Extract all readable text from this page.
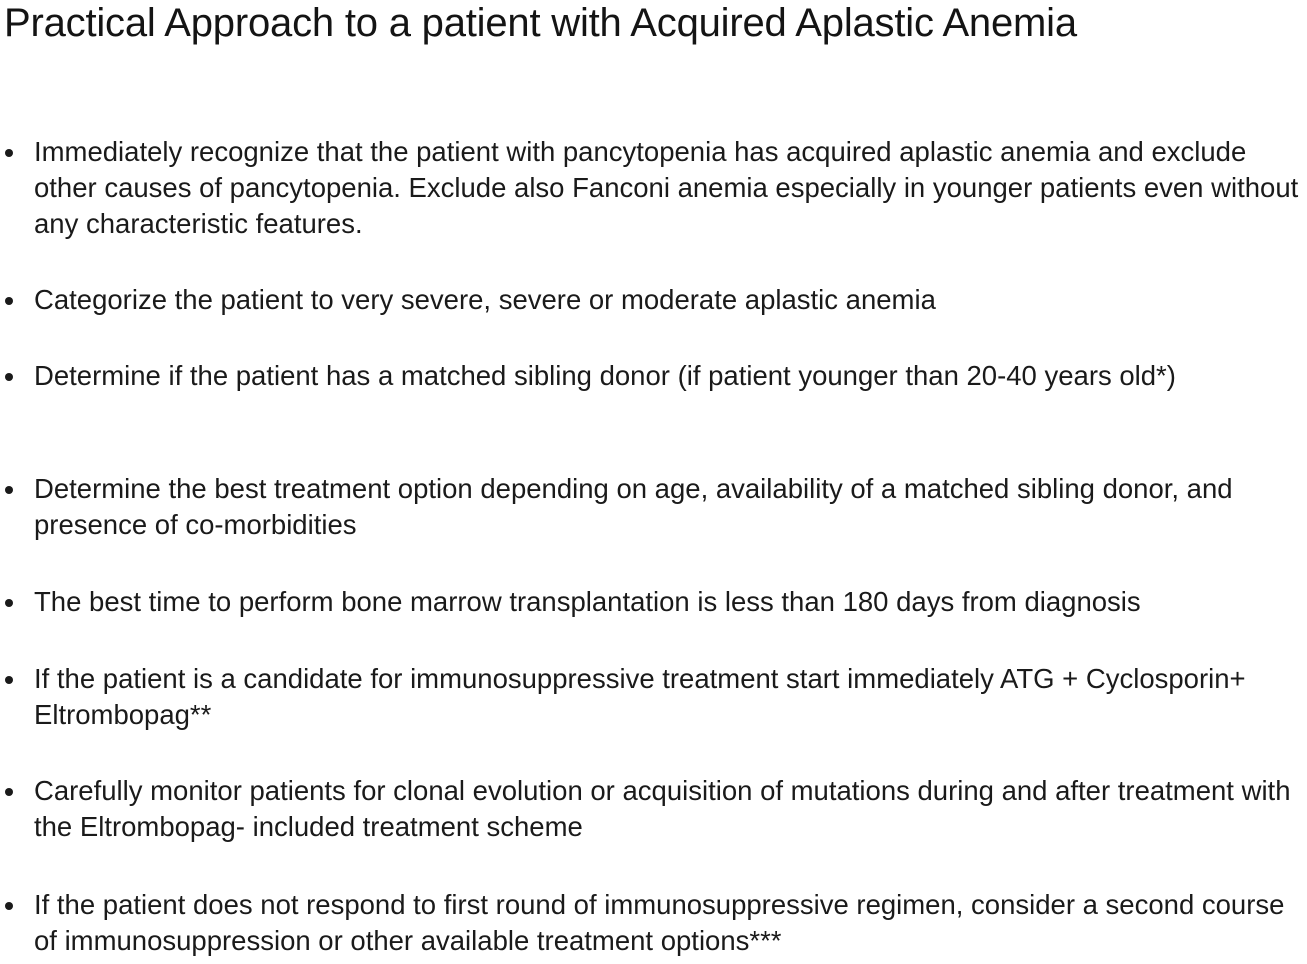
Practical Approach to a patient with Acquired Aplastic Anemia

Immediately recognize that the patient with pancytopenia has acquired aplastic anemia and exclude other causes of pancytopenia. Exclude also Fanconi anemia especially in younger patients even without any characteristic features.

Categorize the patient to very severe, severe or moderate aplastic anemia

Determine if the patient has a matched sibling donor (if patient younger than 20-40 years old*)

Determine the best treatment option depending on age, availability of a matched sibling donor, and presence of co-morbidities

The best time to perform bone marrow transplantation is less than 180 days from diagnosis

If the patient is a candidate for immunosuppressive treatment start immediately ATG + Cyclosporin+ Eltrombopag**

Carefully monitor patients for clonal evolution or acquisition of mutations during and after treatment with the Eltrombopag- included treatment scheme

If the patient does not respond to first round of immunosuppressive regimen, consider a second course of immunosuppression or other available treatment options***
